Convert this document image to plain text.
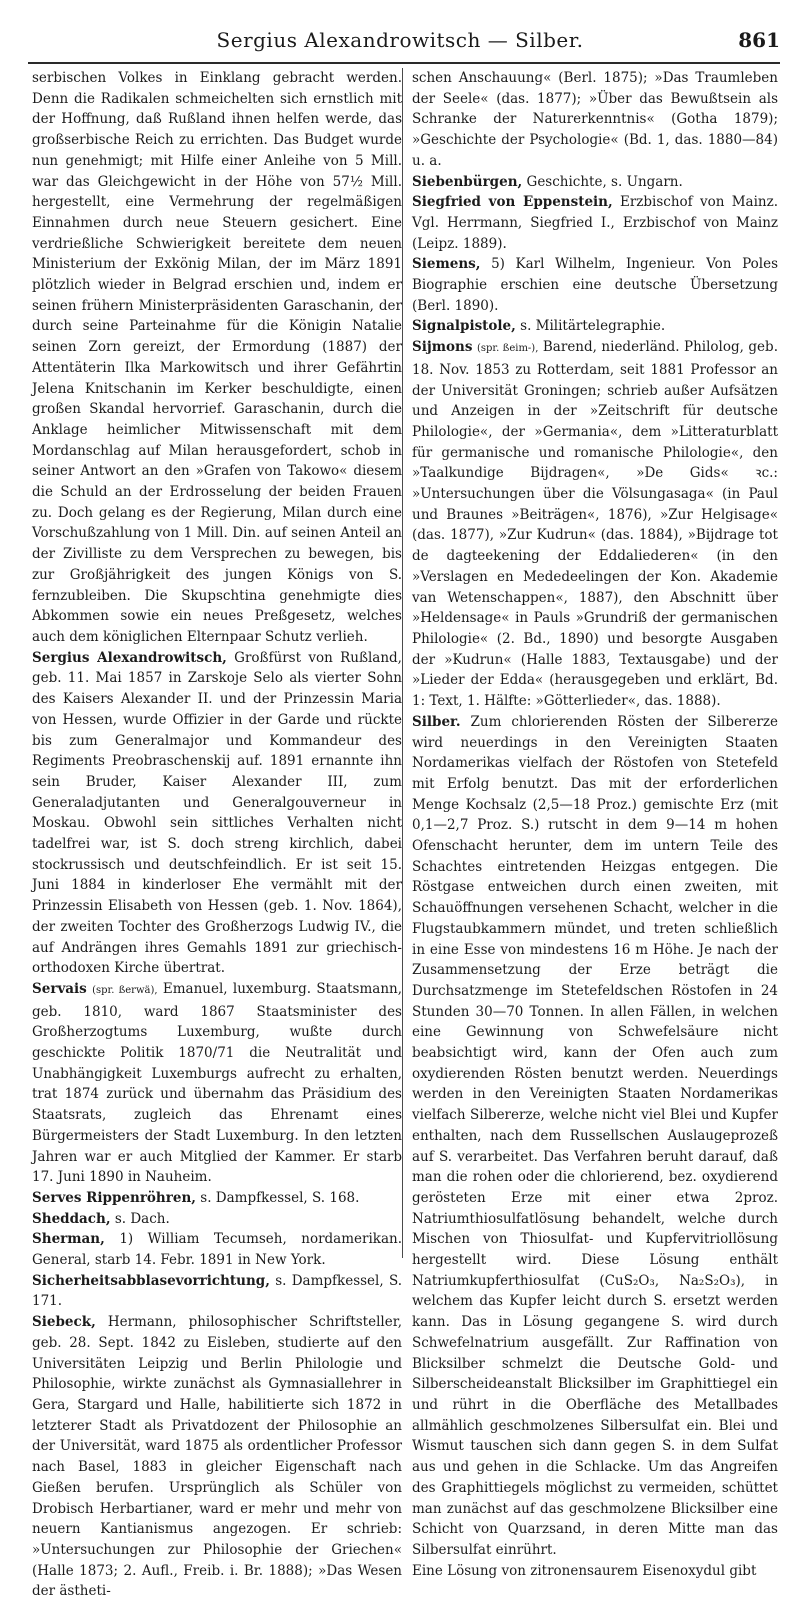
Sergius Alexandrowitsch — Silber.	861

serbischen Volkes in Einklang gebracht werden. Denn die Radikalen schmeichelten sich ernstlich mit der Hoffnung, daß Rußland ihnen helfen werde, das großserbische Reich zu errichten. Das Budget wurde nun genehmigt; mit Hilfe einer Anleihe von 5 Mill. war das Gleichgewicht in der Höhe von 57½ Mill. hergestellt, eine Vermehrung der regelmäßigen Einnahmen durch neue Steuern gesichert. Eine verdrießliche Schwierigkeit bereitete dem neuen Ministerium der Exkönig Milan, der im März 1891 plötzlich wieder in Belgrad erschien und, indem er seinen frühern Ministerpräsidenten Garaschanin, der durch seine Parteinahme für die Königin Natalie seinen Zorn gereizt, der Ermordung (1887) der Attentäterin Ilka Markowitsch und ihrer Gefährtin Jelena Knitschanin im Kerker beschuldigte, einen großen Skandal hervorrief. Garaschanin, durch die Anklage heimlicher Mitwissenschaft mit dem Mordanschlag auf Milan herausgefordert, schob in seiner Antwort an den »Grafen von Takowo« diesem die Schuld an der Erdrosselung der beiden Frauen zu. Doch gelang es der Regierung, Milan durch eine Vorschußzahlung von 1 Mill. Din. auf seinen Anteil an der Zivilliste zu dem Versprechen zu bewegen, bis zur Großjährigkeit des jungen Königs von S. fernzubleiben. Die Skupschtina genehmigte dies Abkommen sowie ein neues Preßgesetz, welches auch dem königlichen Elternpaar Schutz verlieh.

Sergius Alexandrowitsch, Großfürst von Rußland, geb. 11. Mai 1857 in Zarskoje Selo als vierter Sohn des Kaisers Alexander II. und der Prinzessin Maria von Hessen, wurde Offizier in der Garde und rückte bis zum Generalmajor und Kommandeur des Regiments Preobraschenskij auf. 1891 ernannte ihn sein Bruder, Kaiser Alexander III, zum Generaladjutanten und Generalgouverneur in Moskau. Obwohl sein sittliches Verhalten nicht tadelfrei war, ist S. doch streng kirchlich, dabei stockrussisch und deutschfeindlich. Er ist seit 15. Juni 1884 in kinderloser Ehe vermählt mit der Prinzessin Elisabeth von Hessen (geb. 1. Nov. 1864), der zweiten Tochter des Großherzogs Ludwig IV., die auf Andrängen ihres Gemahls 1891 zur griechisch-orthodoxen Kirche übertrat.

Servais (spr. ßerwä), Emanuel, luxemburg. Staatsmann, geb. 1810, ward 1867 Staatsminister des Großherzogtums Luxemburg, wußte durch geschickte Politik 1870/71 die Neutralität und Unabhängigkeit Luxemburgs aufrecht zu erhalten, trat 1874 zurück und übernahm das Präsidium des Staatsrats, zugleich das Ehrenamt eines Bürgermeisters der Stadt Luxemburg. In den letzten Jahren war er auch Mitglied der Kammer. Er starb 17. Juni 1890 in Nauheim.

Serves Rippenröhren, s. Dampfkessel, S. 168.

Sheddach, s. Dach.

Sherman, 1) William Tecumseh, nordamerikan. General, starb 14. Febr. 1891 in New York.

Sicherheitsabblasevorrichtung, s. Dampfkessel, S. 171.

Siebeck, Hermann, philosophischer Schriftsteller, geb. 28. Sept. 1842 zu Eisleben, studierte auf den Universitäten Leipzig und Berlin Philologie und Philosophie, wirkte zunächst als Gymnasiallehrer in Gera, Stargard und Halle, habilitierte sich 1872 in letzterer Stadt als Privatdozent der Philosophie an der Universität, ward 1875 als ordentlicher Professor nach Basel, 1883 in gleicher Eigenschaft nach Gießen berufen. Ursprünglich als Schüler von Drobisch Herbartianer, ward er mehr und mehr von neuern Kantianismus angezogen. Er schrieb: »Untersuchungen zur Philosophie der Griechen« (Halle 1873; 2. Aufl., Freib. i. Br. 1888); »Das Wesen der ästheti-

schen Anschauung« (Berl. 1875); »Das Traumleben der Seele« (das. 1877); »Über das Bewußtsein als Schranke der Naturerkenntnis« (Gotha 1879); »Geschichte der Psychologie« (Bd. 1, das. 1880—84) u. a.

Siebenbürgen, Geschichte, s. Ungarn.

Siegfried von Eppenstein, Erzbischof von Mainz. Vgl. Herrmann, Siegfried I., Erzbischof von Mainz (Leipz. 1889).

Siemens, 5) Karl Wilhelm, Ingenieur. Von Poles Biographie erschien eine deutsche Übersetzung (Berl. 1890).

Signalpistole, s. Militärtelegraphie.

Sijmons (spr. ßeim-), Barend, niederländ. Philolog, geb. 18. Nov. 1853 zu Rotterdam, seit 1881 Professor an der Universität Groningen; schrieb außer Aufsätzen und Anzeigen in der »Zeitschrift für deutsche Philologie«, der »Germania«, dem »Litteraturblatt für germanische und romanische Philologie«, den »Taalkundige Bijdragen«, »De Gids« ꝛc.: »Untersuchungen über die Völsungasaga« (in Paul und Braunes »Beiträgen«, 1876), »Zur Helgisage« (das. 1877), »Zur Kudrun« (das. 1884), »Bijdrage tot de dagteekening der Eddaliederen« (in den »Verslagen en Mededeelingen der Kon. Akademie van Wetenschappen«, 1887), den Abschnitt über »Heldensage« in Pauls »Grundriß der germanischen Philologie« (2. Bd., 1890) und besorgte Ausgaben der »Kudrun« (Halle 1883, Textausgabe) und der »Lieder der Edda« (herausgegeben und erklärt, Bd. 1: Text, 1. Hälfte: »Götterlieder«, das. 1888).

Silber. Zum chlorierenden Rösten der Silbererze wird neuerdings in den Vereinigten Staaten Nordamerikas vielfach der Röstofen von Stetefeld mit Erfolg benutzt. Das mit der erforderlichen Menge Kochsalz (2,5—18 Proz.) gemischte Erz (mit 0,1—2,7 Proz. S.) rutscht in dem 9—14 m hohen Ofenschacht herunter, dem im untern Teile des Schachtes eintretenden Heizgas entgegen. Die Röstgase entweichen durch einen zweiten, mit Schauöffnungen versehenen Schacht, welcher in die Flugstaubkammern mündet, und treten schließlich in eine Esse von mindestens 16 m Höhe. Je nach der Zusammensetzung der Erze beträgt die Durchsatzmenge im Stetefeldschen Röstofen in 24 Stunden 30—70 Tonnen. In allen Fällen, in welchen eine Gewinnung von Schwefelsäure nicht beabsichtigt wird, kann der Ofen auch zum oxydierenden Rösten benutzt werden. Neuerdings werden in den Vereinigten Staaten Nordamerikas vielfach Silbererze, welche nicht viel Blei und Kupfer enthalten, nach dem Russellschen Auslaugeprozeß auf S. verarbeitet. Das Verfahren beruht darauf, daß man die rohen oder die chlorierend, bez. oxydierend gerösteten Erze mit einer etwa 2proz. Natriumthiosulfatlösung behandelt, welche durch Mischen von Thiosulfat- und Kupfervitriollösung hergestellt wird. Diese Lösung enthält Natriumkupferthiosulfat (CuS₂O₃, Na₂S₂O₃), in welchem das Kupfer leicht durch S. ersetzt werden kann. Das in Lösung gegangene S. wird durch Schwefelnatrium ausgefällt. Zur Raffination von Blicksilber schmelzt die Deutsche Gold- und Silberscheideanstalt Blicksilber im Graphittiegel ein und rührt in die Oberfläche des Metallbades allmählich geschmolzenes Silbersulfat ein. Blei und Wismut tauschen sich dann gegen S. in dem Sulfat aus und gehen in die Schlacke. Um das Angreifen des Graphittiegels möglichst zu vermeiden, schüttet man zunächst auf das geschmolzene Blicksilber eine Schicht von Quarzsand, in deren Mitte man das Silbersulfat einrührt.

Eine Lösung von zitronensaurem Eisenoxydul gibt
